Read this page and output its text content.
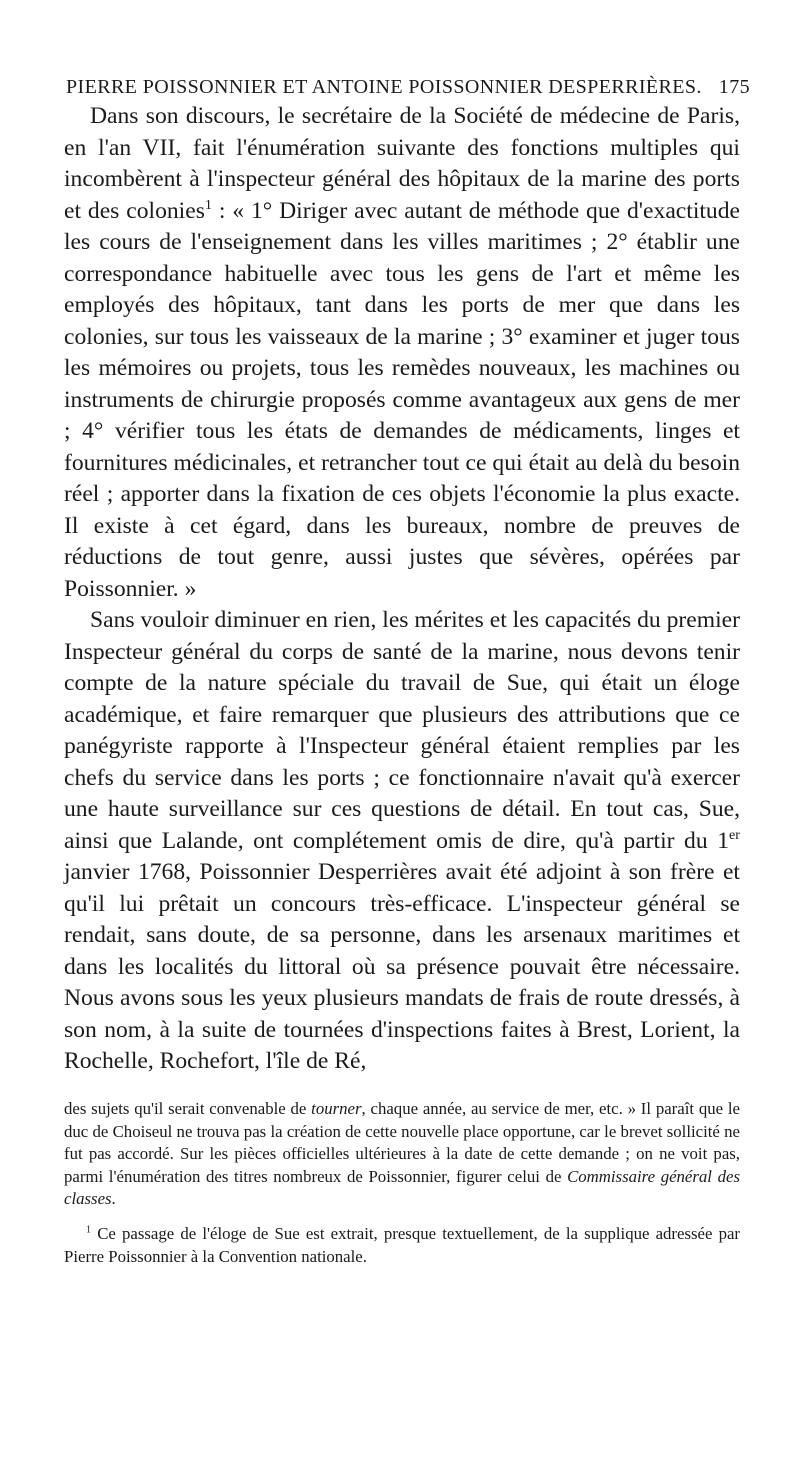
PIERRE POISSONNIER ET ANTOINE POISSONNIER DESPERRIÈRES. 175

Dans son discours, le secrétaire de la Société de médecine de Paris, en l'an VII, fait l'énumération suivante des fonctions multiples qui incombèrent à l'inspecteur général des hôpitaux de la marine des ports et des colonies$^1$ : « 1° Diriger avec autant de méthode que d'exactitude les cours de l'enseignement dans les villes maritimes ; 2° établir une correspondance habituelle avec tous les gens de l'art et même les employés des hôpitaux, tant dans les ports de mer que dans les colonies, sur tous les vaisseaux de la marine ; 3° examiner et juger tous les mémoires ou projets, tous les remèdes nouveaux, les machines ou instruments de chirurgie proposés comme avantageux aux gens de mer ; 4° vérifier tous les états de demandes de médicaments, linges et fournitures médicinales, et retrancher tout ce qui était au delà du besoin réel ; apporter dans la fixation de ces objets l'économie la plus exacte. Il existe à cet égard, dans les bureaux, nombre de preuves de réductions de tout genre, aussi justes que sévères, opérées par Poissonnier. »

Sans vouloir diminuer en rien, les mérites et les capacités du premier Inspecteur général du corps de santé de la marine, nous devons tenir compte de la nature spéciale du travail de Sue, qui était un éloge académique, et faire remarquer que plusieurs des attributions que ce panégyriste rapporte à l'Inspecteur général étaient remplies par les chefs du service dans les ports ; ce fonctionnaire n'avait qu'à exercer une haute surveillance sur ces questions de détail. En tout cas, Sue, ainsi que Lalande, ont complétement omis de dire, qu'à partir du 1er janvier 1768, Poissonnier Desperrières avait été adjoint à son frère et qu'il lui prêtait un concours très-efficace. L'inspecteur général se rendait, sans doute, de sa personne, dans les arsenaux maritimes et dans les localités du littoral où sa présence pouvait être nécessaire. Nous avons sous les yeux plusieurs mandats de frais de route dressés, à son nom, à la suite de tournées d'inspections faites à Brest, Lorient, la Rochelle, Rochefort, l'île de Ré,

des sujets qu'il serait convenable de tourner, chaque année, au service de mer, etc. » Il paraît que le duc de Choiseul ne trouva pas la création de cette nouvelle place opportune, car le brevet sollicité ne fut pas accordé. Sur les pièces officielles ultérieures à la date de cette demande ; on ne voit pas, parmi l'énumération des titres nombreux de Poissonnier, figurer celui de Commissaire général des classes.

$^1$ Ce passage de l'éloge de Sue est extrait, presque textuellement, de la supplique adressée par Pierre Poissonnier à la Convention nationale.
